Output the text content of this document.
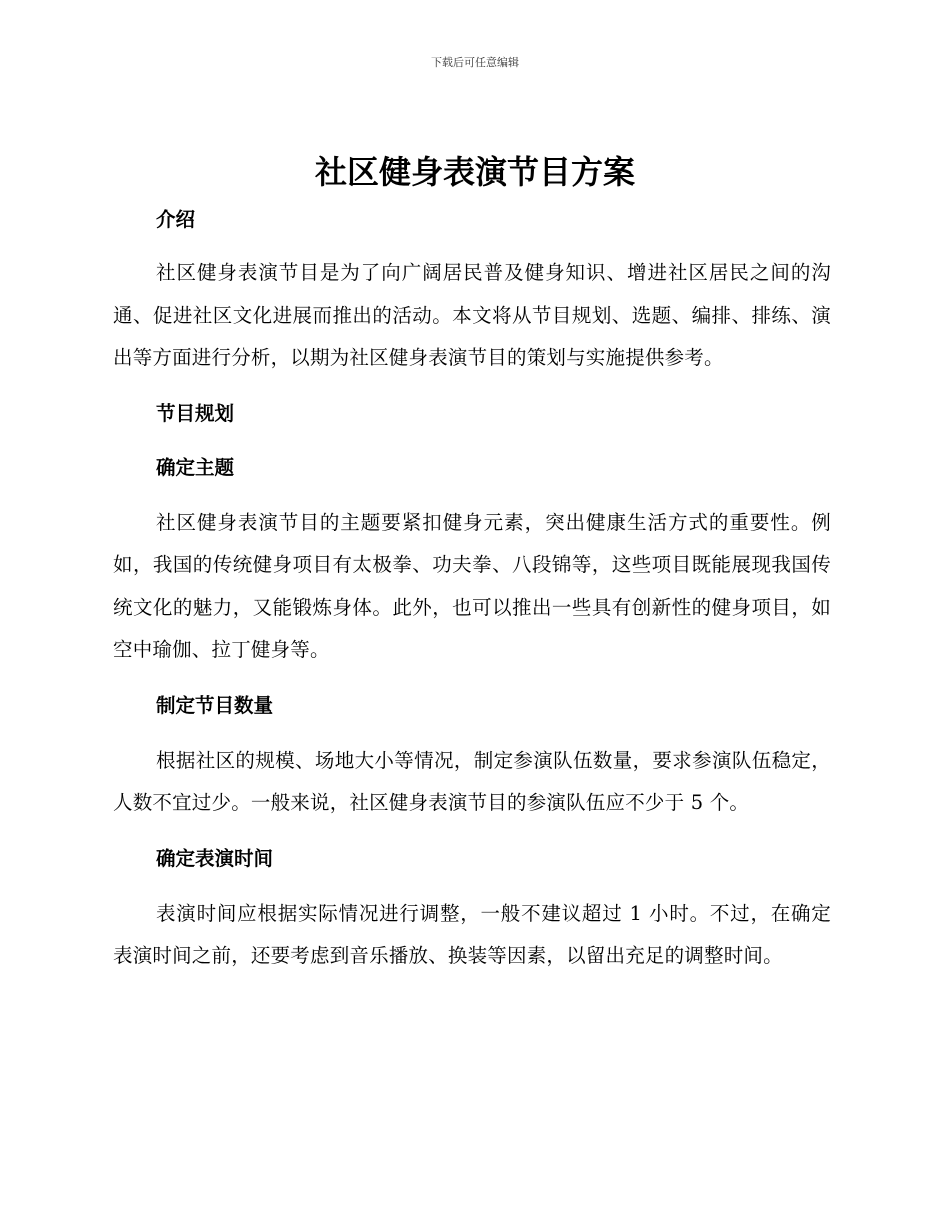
下载后可任意编辑
社区健身表演节目方案
介绍

社区健身表演节目是为了向广阔居民普及健身知识、增进社区居民之间的沟通、促进社区文化进展而推出的活动。本文将从节目规划、选题、编排、排练、演出等方面进行分析，以期为社区健身表演节目的策划与实施提供参考。

节目规划
确定主题

社区健身表演节目的主题要紧扣健身元素，突出健康生活方式的重要性。例如，我国的传统健身项目有太极拳、功夫拳、八段锦等，这些项目既能展现我国传统文化的魅力，又能锻炼身体。此外，也可以推出一些具有创新性的健身项目，如空中瑜伽、拉丁健身等。

制定节目数量

根据社区的规模、场地大小等情况，制定参演队伍数量，要求参演队伍稳定，人数不宜过少。一般来说，社区健身表演节目的参演队伍应不少于 5 个。

确定表演时间

表演时间应根据实际情况进行调整，一般不建议超过 1 小时。不过，在确定表演时间之前，还要考虑到音乐播放、换装等因素，以留出充足的调整时间。
